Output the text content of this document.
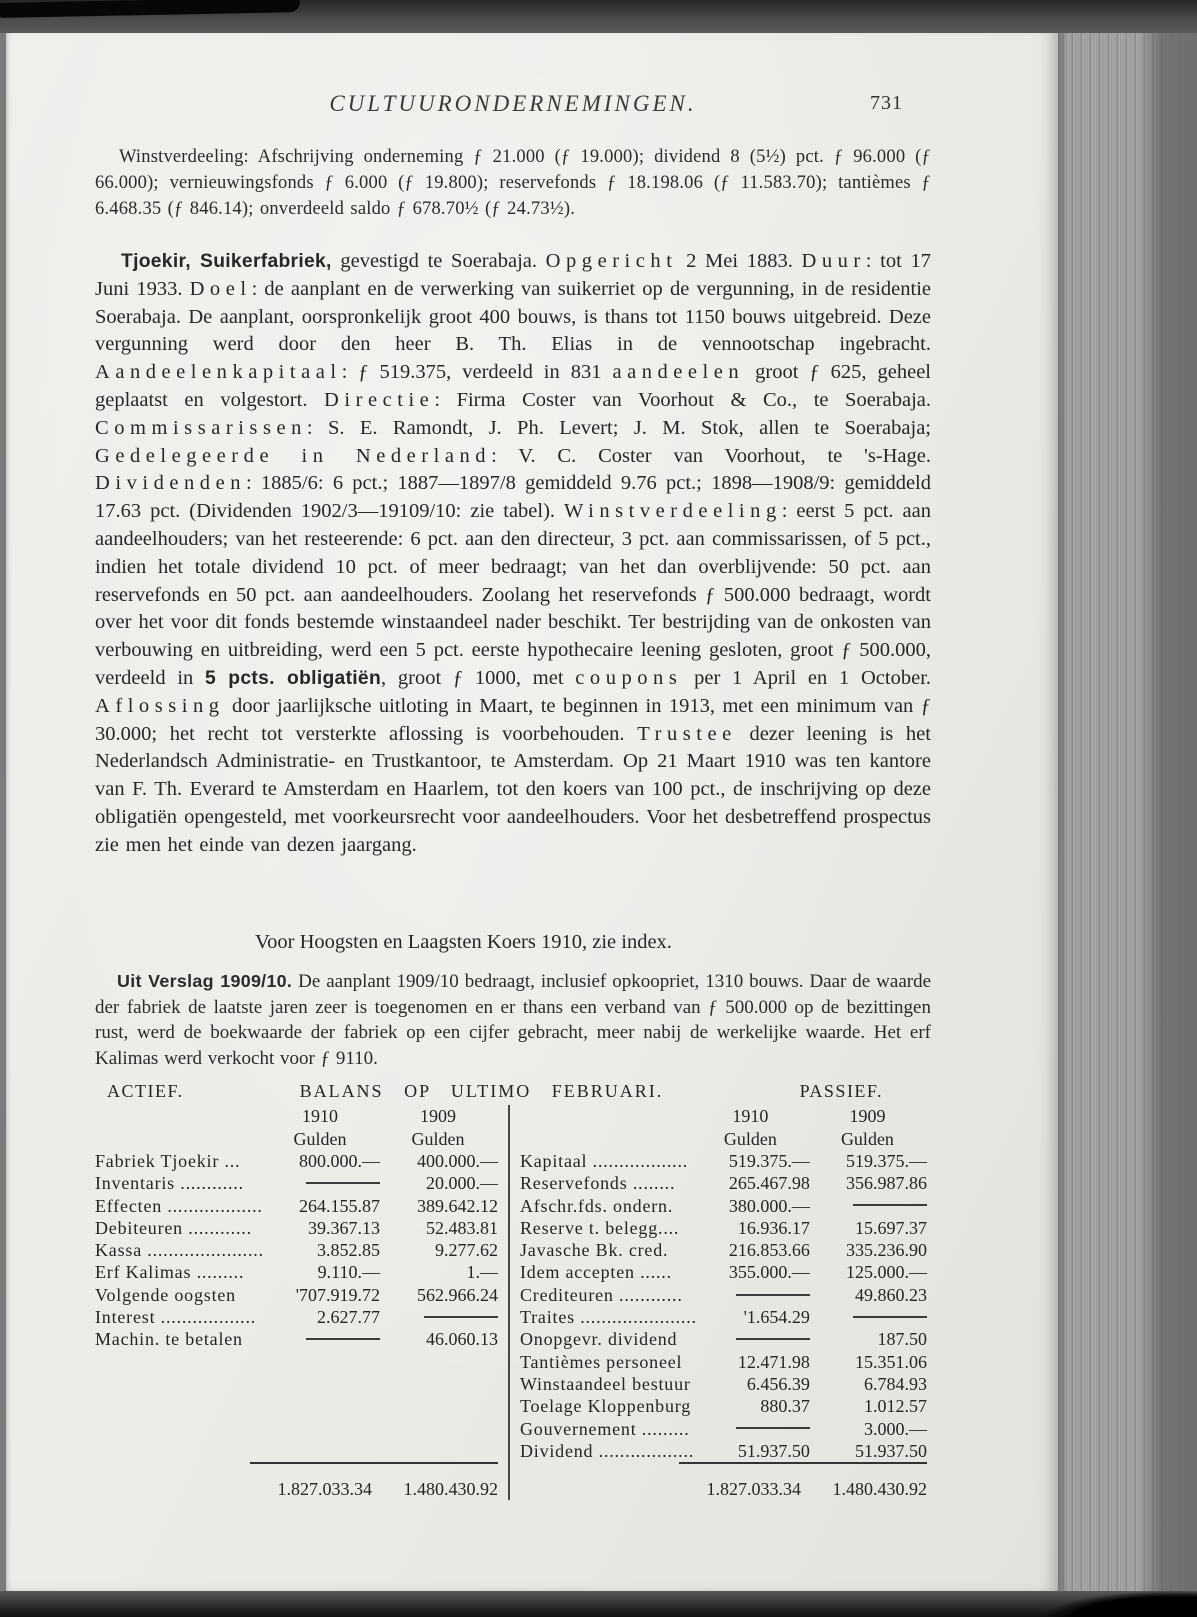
CULTUURONDERNEMINGEN.	731

Winstverdeeling: Afschrijving onderneming ƒ 21.000 (ƒ 19.000); dividend 8 (5½) pct. ƒ 96.000 (ƒ 66.000); vernieuwingsfonds ƒ 6.000 (ƒ 19.800); reservefonds ƒ 18.198.06 (ƒ 11.583.70); tantièmes ƒ 6.468.35 (ƒ 846.14); onverdeeld saldo ƒ 678.70½ (ƒ 24.73½).

Tjoekir, Suikerfabriek, gevestigd te Soerabaja. Opgericht 2 Mei 1883. Duur: tot 17 Juni 1933. Doel: de aanplant en de verwerking van suikerriet op de vergunning, in de residentie Soerabaja. De aanplant, oorspronkelijk groot 400 bouws, is thans tot 1150 bouws uitgebreid. Deze vergunning werd door den heer B. Th. Elias in de vennootschap ingebracht. Aandeelenkapitaal: ƒ 519.375, verdeeld in 831 aandeelen groot ƒ 625, geheel geplaatst en volgestort. Directie: Firma Coster van Voorhout & Co., te Soerabaja. Commissarissen: S. E. Ramondt, J. Ph. Levert; J. M. Stok, allen te Soerabaja; Gedelegeerde in Nederland: V. C. Coster van Voorhout, te 's-Hage. Dividenden: 1885/6: 6 pct.; 1887—1897/8 gemiddeld 9.76 pct.; 1898—1908/9: gemiddeld 17.63 pct. (Dividenden 1902/3—19109/10: zie tabel). Winstverdeeling: eerst 5 pct. aan aandeelhouders; van het resteerende: 6 pct. aan den directeur, 3 pct. aan commissarissen, of 5 pct., indien het totale dividend 10 pct. of meer bedraagt; van het dan overblijvende: 50 pct. aan reservefonds en 50 pct. aan aandeelhouders. Zoolang het reservefonds ƒ 500.000 bedraagt, wordt over het voor dit fonds bestemde winstaandeel nader beschikt. Ter bestrijding van de onkosten van verbouwing en uitbreiding, werd een 5 pct. eerste hypothecaire leening gesloten, groot ƒ 500.000, verdeeld in 5 pcts. obligatiën, groot ƒ 1000, met coupons per 1 April en 1 October. Aflossing door jaarlijksche uitloting in Maart, te beginnen in 1913, met een minimum van ƒ 30.000; het recht tot versterkte aflossing is voorbehouden. Trustee dezer leening is het Nederlandsch Administratie- en Trustkantoor, te Amsterdam. Op 21 Maart 1910 was ten kantore van F. Th. Everard te Amsterdam en Haarlem, tot den koers van 100 pct., de inschrijving op deze obligatiën opengesteld, met voorkeursrecht voor aandeelhouders. Voor het desbetreffend prospectus zie men het einde van dezen jaargang.

Voor Hoogsten en Laagsten Koers 1910, zie index.

Uit Verslag 1909/10. De aanplant 1909/10 bedraagt, inclusief opkoopriet, 1310 bouws. Daar de waarde der fabriek de laatste jaren zeer is toegenomen en er thans een verband van ƒ 500.000 op de bezittingen rust, werd de boekwaarde der fabriek op een cijfer gebracht, meer nabij de werkelijke waarde. Het erf Kalimas werd verkocht voor ƒ 9110.

ACTIEF.	BALANS OP ULTIMO FEBRUARI.	PASSIEF.
	1910	1909
	Gulden	Gulden
Fabriek Tjoekir ...	800.000.—	400.000.—
Inventaris ............		20.000.—
Effecten ..................	264.155.87	389.642.12
Debiteuren ............	39.367.13	52.483.81
Kassa ......................	3.852.85	9.277.62
Erf Kalimas .........	9.110.—	1.—
Volgende oogsten	'707.919.72	562.966.24
Interest ..................	2.627.77	
Machin. te betalen		46.060.13
1.827.033.34	1.480.430.92
	1910	1909
	Gulden	Gulden
Kapitaal ..................	519.375.—	519.375.—
Reservefonds ........	265.467.98	356.987.86
Afschr.fds. ondern.	380.000.—	
Reserve t. belegg....	16.936.17	15.697.37
Javasche Bk. cred.	216.853.66	335.236.90
Idem accepten ......	355.000.—	125.000.—
Crediteuren ............		49.860.23
Traites ......................	'1.654.29	
Onopgevr. dividend		187.50
Tantièmes personeel	12.471.98	15.351.06
Winstaandeel bestuur	6.456.39	6.784.93
Toelage Kloppenburg	880.37	1.012.57
Gouvernement .........		3.000.—
Dividend ..................	51.937.50	51.937.50
1.827.033.34	1.480.430.92
